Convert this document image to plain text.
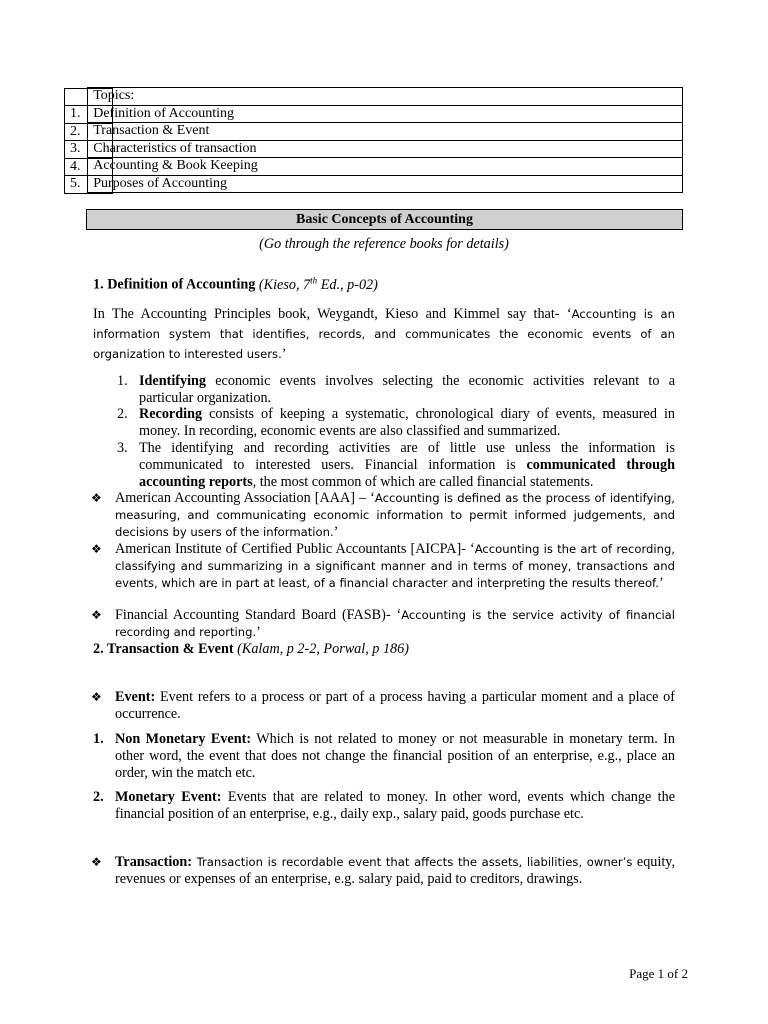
Topics:

1. Definition of Accounting

2. Transaction & Event

3. Characteristics of transaction

4. Accounting & Book Keeping

5. Purposes of Accounting
Basic Concepts of Accounting
(Go through the reference books for details)
1. Definition of Accounting (Kieso, 7th Ed., p-02)
In The Accounting Principles book, Weygandt, Kieso and Kimmel say that- ‘Accounting is an information system that identifies, records, and communicates the economic events of an organization to interested users.’
1. Identifying economic events involves selecting the economic activities relevant to a particular organization.
2. Recording consists of keeping a systematic, chronological diary of events, measured in money. In recording, economic events are also classified and summarized.
3. The identifying and recording activities are of little use unless the information is communicated to interested users. Financial information is communicated through accounting reports, the most common of which are called financial statements.
❖ American Accounting Association [AAA] – ‘Accounting is defined as the process of identifying, measuring, and communicating economic information to permit informed judgements, and decisions by users of the information.’
❖ American Institute of Certified Public Accountants [AICPA]- ‘Accounting is the art of recording, classifying and summarizing in a significant manner and in terms of money, transactions and events, which are in part at least, of a financial character and interpreting the results thereof.’
❖ Financial Accounting Standard Board (FASB)- ‘Accounting is the service activity of financial recording and reporting.’
2. Transaction & Event (Kalam, p 2-2, Porwal, p 186)
❖ Event: Event refers to a process or part of a process having a particular moment and a place of occurrence.
1. Non Monetary Event: Which is not related to money or not measurable in monetary term. In other word, the event that does not change the financial position of an enterprise, e.g., place an order, win the match etc.
2. Monetary Event: Events that are related to money. In other word, events which change the financial position of an enterprise, e.g., daily exp., salary paid, goods purchase etc.
❖ Transaction: Transaction is recordable event that affects the assets, liabilities, owner’s equity, revenues or expenses of an enterprise, e.g. salary paid, paid to creditors, drawings.
Page 1 of 2
